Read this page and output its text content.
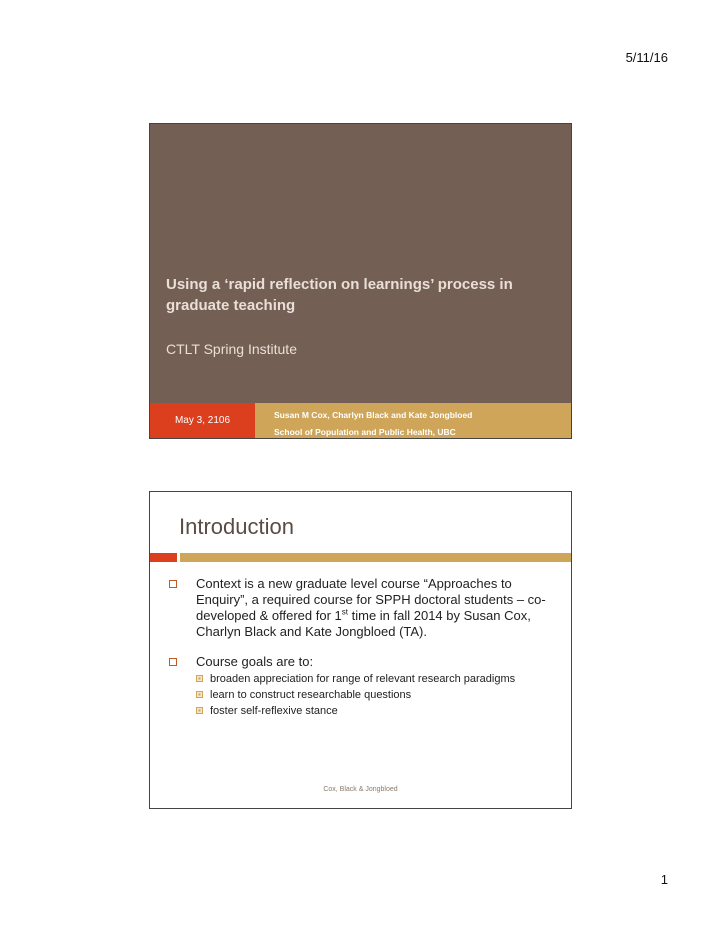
5/11/16
Using a ‘rapid reflection on learnings’ process in graduate teaching
CTLT Spring Institute
Susan M Cox, Charlyn Black and Kate Jongbloed
School of Population and Public Health, UBC
May 3, 2106
Introduction
Context is a new graduate level course “Approaches to Enquiry”, a required course for SPPH doctoral students – co-developed & offered for 1st time in fall 2014 by Susan Cox, Charlyn Black and Kate Jongbloed (TA).
Course goals are to:
broaden appreciation for range of relevant research paradigms
learn to construct researchable questions
foster self-reflexive stance
Cox, Black & Jongbloed
1
